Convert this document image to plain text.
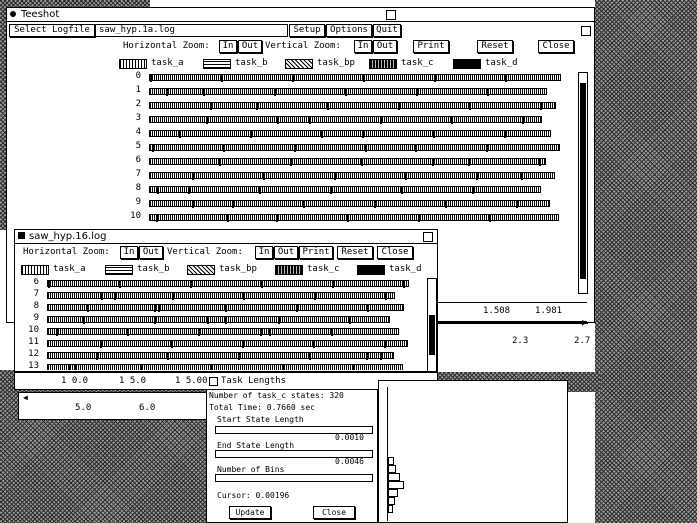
Teeshot
Select Logfile	saw_hyp.1a.log	Setup	Options Quit
Horizontal Zoom:	In Out Vertical Zoom:	In Out	Print	Reset	Close
task_a	task_b	task_bp	task_c	task_d
0
1
2
3
4
5
6
7
8
9
10
1.508	1.981
2.3	2.7
▶
saw_hyp.16.log
Horizontal Zoom:	In Out Vertical Zoom:	In Out Print	Reset	Close
task_a	task_b	task_bp	task_c	task_d
6
7
8
9
10
11
12
13
1 0.0	1 5.0	1 5.00 Task Lengths
5.0	6.0
◀	Number of task_c states: 320
Total Time: 0.7660 sec
Start State Length
0.0010
End State Length
0.0046
Number of Bins
Cursor: 0.00196
Update	Close
